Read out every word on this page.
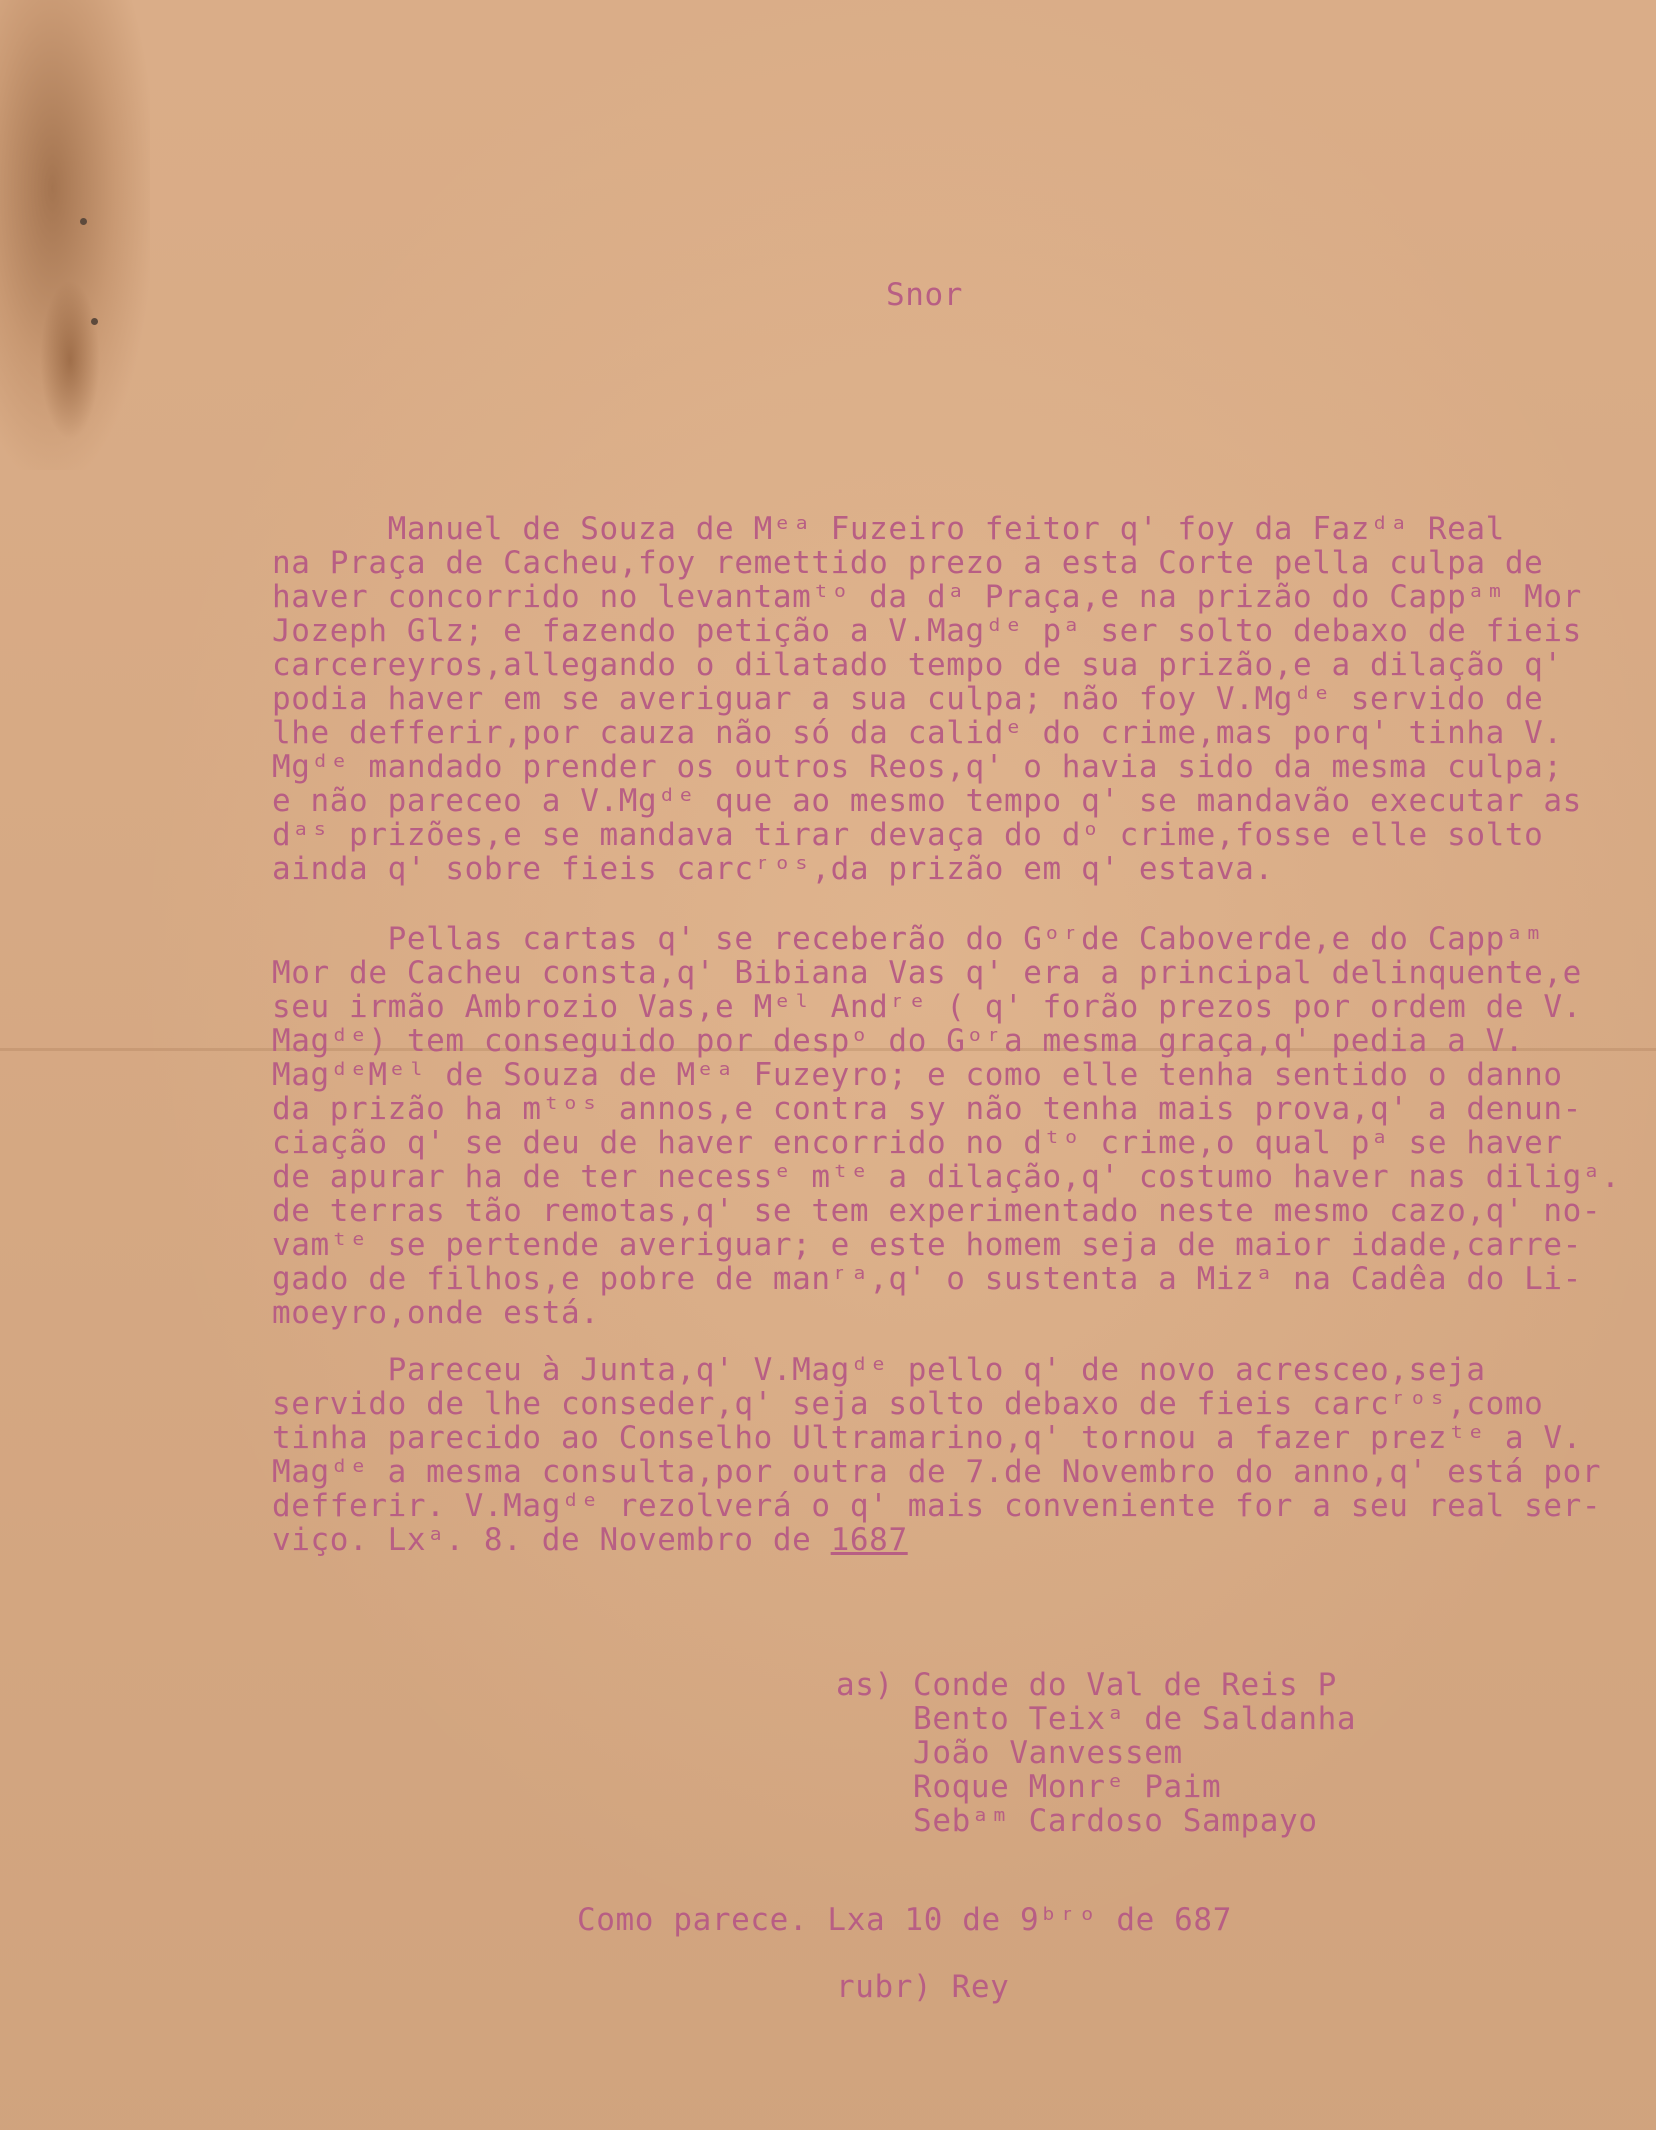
Snor
Manuel de Souza de Mᵉᵃ Fuzeiro feitor q' foy da Fazᵈᵃ Real
na Praça de Cacheu,foy remettido prezo a esta Corte pella culpa de
haver concorrido no levantamᵗᵒ da dᵃ Praça,e na prizão do Cappᵃᵐ Mor
Jozeph Glz; e fazendo petição a V.Magᵈᵉ pᵃ ser solto debaxo de fieis
carcereyros,allegando o dilatado tempo de sua prizão,e a dilação q'
podia haver em se averiguar a sua culpa; não foy V.Mgᵈᵉ servido de
lhe defferir,por cauza não só da calidᵉ do crime,mas porq' tinha V.
Mgᵈᵉ mandado prender os outros Reos,q' o havia sido da mesma culpa;
e não pareceo a V.Mgᵈᵉ que ao mesmo tempo q' se mandavão executar as
dᵃˢ prizões,e se mandava tirar devaça do dᵒ crime,fosse elle solto
ainda q' sobre fieis carcʳᵒˢ,da prizão em q' estava.
Pellas cartas q' se receberão do Gᵒʳde Caboverde,e do Cappᵃᵐ
Mor de Cacheu consta,q' Bibiana Vas q' era a principal delinquente,e
seu irmão Ambrozio Vas,e Mᵉˡ Andʳᵉ ( q' forão prezos por ordem de V.
Magᵈᵉ) tem conseguido por despᵒ do Gᵒʳa mesma graça,q' pedia a V.
MagᵈᵉMᵉˡ de Souza de Mᵉᵃ Fuzeyro; e como elle tenha sentido o danno
da prizão ha mᵗᵒˢ annos,e contra sy não tenha mais prova,q' a denun-
ciação q' se deu de haver encorrido no dᵗᵒ crime,o qual pᵃ se haver
de apurar ha de ter necessᵉ mᵗᵉ a dilação,q' costumo haver nas diligᵃ.
de terras tão remotas,q' se tem experimentado neste mesmo cazo,q' no-
vamᵗᵉ se pertende averiguar; e este homem seja de maior idade,carre-
gado de filhos,e pobre de manʳᵃ,q' o sustenta a Mizᵃ na Cadêa do Li-
moeyro,onde está.
Pareceu à Junta,q' V.Magᵈᵉ pello q' de novo acresceo,seja
servido de lhe conseder,q' seja solto debaxo de fieis carcʳᵒˢ,como
tinha parecido ao Conselho Ultramarino,q' tornou a fazer prezᵗᵉ a V.
Magᵈᵉ a mesma consulta,por outra de 7.de Novembro do anno,q' está por
defferir. V.Magᵈᵉ rezolverá o q' mais conveniente for a seu real ser-
viço. Lxᵃ. 8. de Novembro de 1687
as) Conde do Val de Reis P
Bento Teixᵃ de Saldanha
João Vanvessem
Roque Monrᵉ Paim
Sebᵃᵐ Cardoso Sampayo
Como parece. Lxa 10 de 9ᵇʳᵒ de 687
rubr) Rey
